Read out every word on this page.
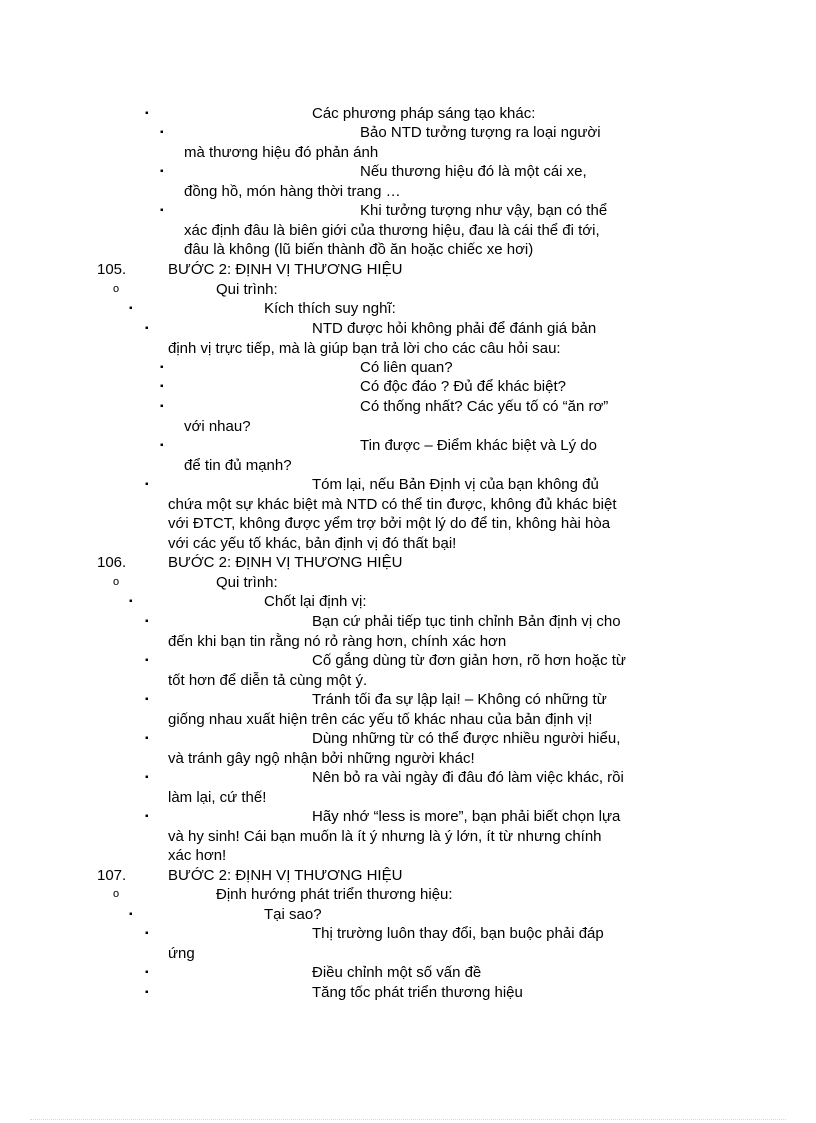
▪	Các phương pháp sáng tạo khác:
▪	Bảo NTD tưởng tượng ra loại người
mà thương hiệu đó phản ánh
▪	Nếu thương hiệu đó là một cái xe,
đồng hồ, món hàng thời trang …
▪	Khi tưởng tượng như vậy, bạn có thể
xác định đâu là biên giới của thương hiệu, đau là cái thể đi tới,
đâu là không (lũ biến thành đồ ăn hoặc chiếc xe hơi)
105.	BƯỚC 2: ĐỊNH VỊ THƯƠNG HIỆU
o	Qui trình:
▪	Kích thích suy nghĩ:
▪	NTD được hỏi không phải để đánh giá bản
định vị trực tiếp, mà là giúp bạn trả lời cho các câu hỏi sau:
▪	Có liên quan?
▪	Có độc đáo ? Đủ để khác biệt?
▪	Có thống nhất? Các yếu tố có “ăn rơ”
với nhau?
▪	Tin được – Điểm khác biệt và Lý do
để tin đủ mạnh?
▪	Tóm lại, nếu Bản Định vị của bạn không đủ
chứa một sự khác biệt mà NTD có thể tin được, không đủ khác biệt
với ĐTCT, không được yểm trợ bởi một lý do để tin, không hài hòa
với các yếu tố khác, bản định vị đó thất bại!
106.	BƯỚC 2: ĐỊNH VỊ THƯƠNG HIỆU
o	Qui trình:
▪	Chốt lại định vị:
▪	Bạn cứ phải tiếp tục tinh chỉnh Bản định vị cho
đến khi bạn tin rằng nó rỏ ràng hơn, chính xác hơn
▪	Cố gắng dùng từ đơn giản hơn, rõ hơn hoặc từ
tốt hơn để diễn tả cùng một ý.
▪	Tránh tối đa sự lập lại! – Không có những từ
giống nhau xuất hiện trên các yếu tố khác nhau của bản định vị!
▪	Dùng những từ có thể được nhiều người hiểu,
và tránh gây ngộ nhận bởi những người khác!
▪	Nên bỏ ra vài ngày đi đâu đó làm việc khác, rồi
làm lại, cứ thế!
▪	Hãy nhớ “less is more”, bạn phải biết chọn lựa
và hy sinh! Cái bạn muốn là ít ý nhưng là ý lớn, ít từ nhưng chính
xác hơn!
107.	BƯỚC 2: ĐỊNH VỊ THƯƠNG HIỆU
o	Định hướng phát triển thương hiệu:
▪	Tại sao?
▪	Thị trường luôn thay đổi, bạn buộc phải đáp
ứng
▪	Điều chỉnh một số vấn đề
▪	Tăng tốc phát triển thương hiệu
